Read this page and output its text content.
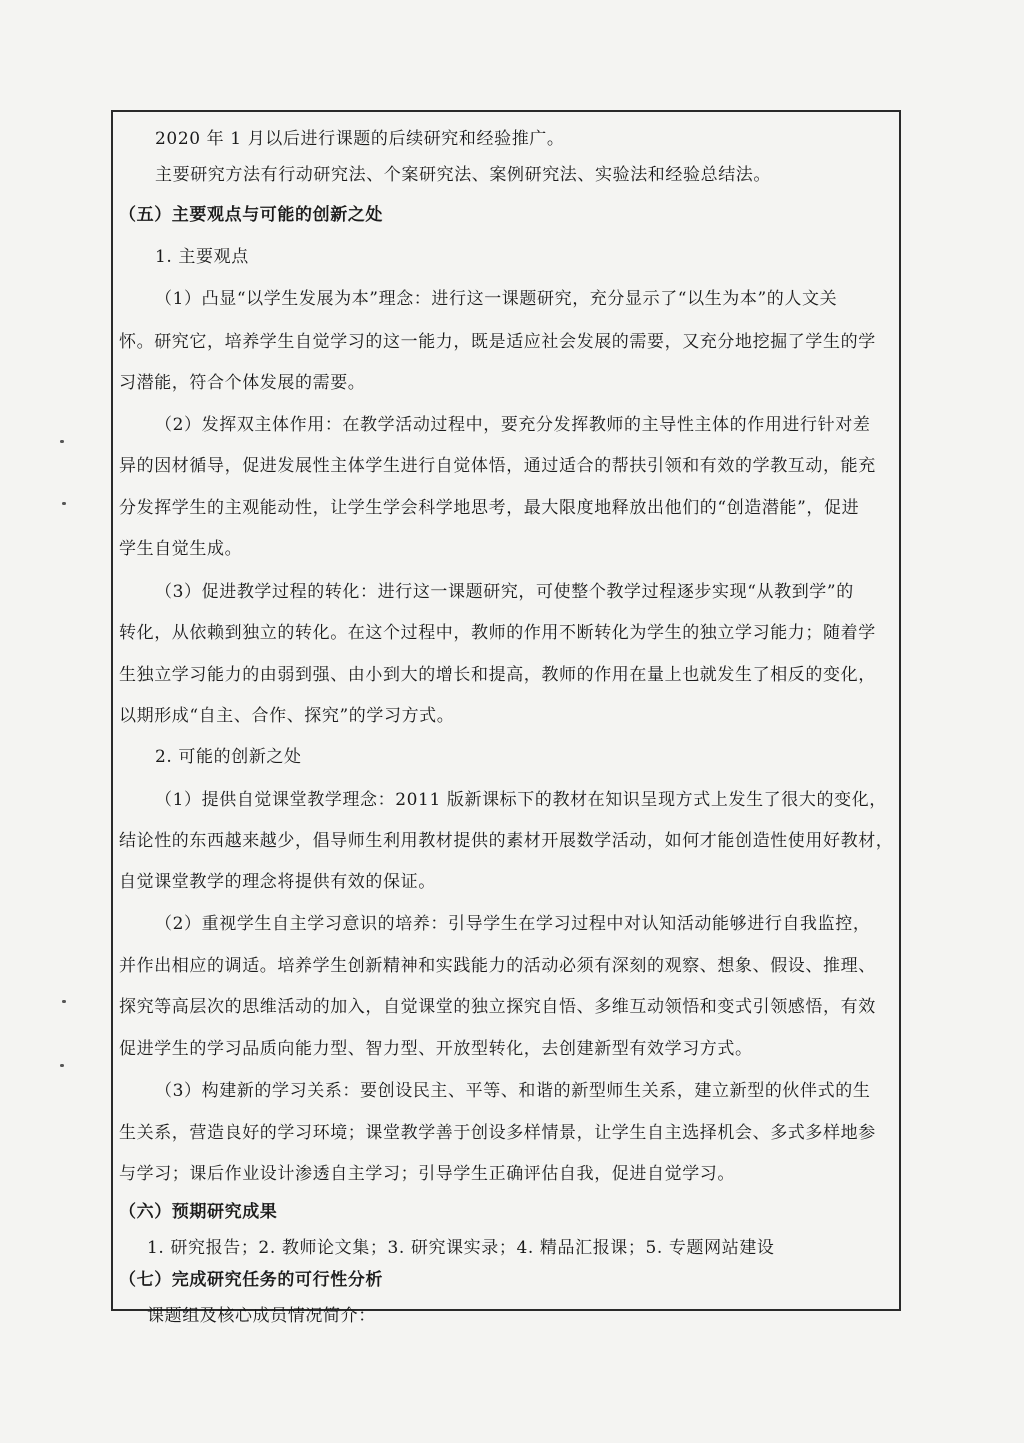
2020 年 1 月以后进行课题的后续研究和经验推广。
主要研究方法有行动研究法、个案研究法、案例研究法、实验法和经验总结法。
（五）主要观点与可能的创新之处
1. 主要观点
（1）凸显“以学生发展为本”理念：进行这一课题研究，充分显示了“以生为本”的人文关
怀。研究它，培养学生自觉学习的这一能力，既是适应社会发展的需要，又充分地挖掘了学生的学
习潜能，符合个体发展的需要。
（2）发挥双主体作用：在教学活动过程中，要充分发挥教师的主导性主体的作用进行针对差
异的因材循导，促进发展性主体学生进行自觉体悟，通过适合的帮扶引领和有效的学教互动，能充
分发挥学生的主观能动性，让学生学会科学地思考，最大限度地释放出他们的“创造潜能”，促进
学生自觉生成。
（3）促进教学过程的转化：进行这一课题研究，可使整个教学过程逐步实现“从教到学”的
转化，从依赖到独立的转化。在这个过程中，教师的作用不断转化为学生的独立学习能力；随着学
生独立学习能力的由弱到强、由小到大的增长和提高，教师的作用在量上也就发生了相反的变化，
以期形成“自主、合作、探究”的学习方式。
2. 可能的创新之处
（1）提供自觉课堂教学理念：2011 版新课标下的教材在知识呈现方式上发生了很大的变化，
结论性的东西越来越少，倡导师生利用教材提供的素材开展数学活动，如何才能创造性使用好教材，
自觉课堂教学的理念将提供有效的保证。
（2）重视学生自主学习意识的培养：引导学生在学习过程中对认知活动能够进行自我监控，
并作出相应的调适。培养学生创新精神和实践能力的活动必须有深刻的观察、想象、假设、推理、
探究等高层次的思维活动的加入，自觉课堂的独立探究自悟、多维互动领悟和变式引领感悟，有效
促进学生的学习品质向能力型、智力型、开放型转化，去创建新型有效学习方式。
（3）构建新的学习关系：要创设民主、平等、和谐的新型师生关系，建立新型的伙伴式的生
生关系，营造良好的学习环境；课堂教学善于创设多样情景，让学生自主选择机会、多式多样地参
与学习；课后作业设计渗透自主学习；引导学生正确评估自我，促进自觉学习。
（六）预期研究成果
1. 研究报告；2. 教师论文集；3. 研究课实录；4. 精品汇报课；5. 专题网站建设
（七）完成研究任务的可行性分析
课题组及核心成员情况简介：
